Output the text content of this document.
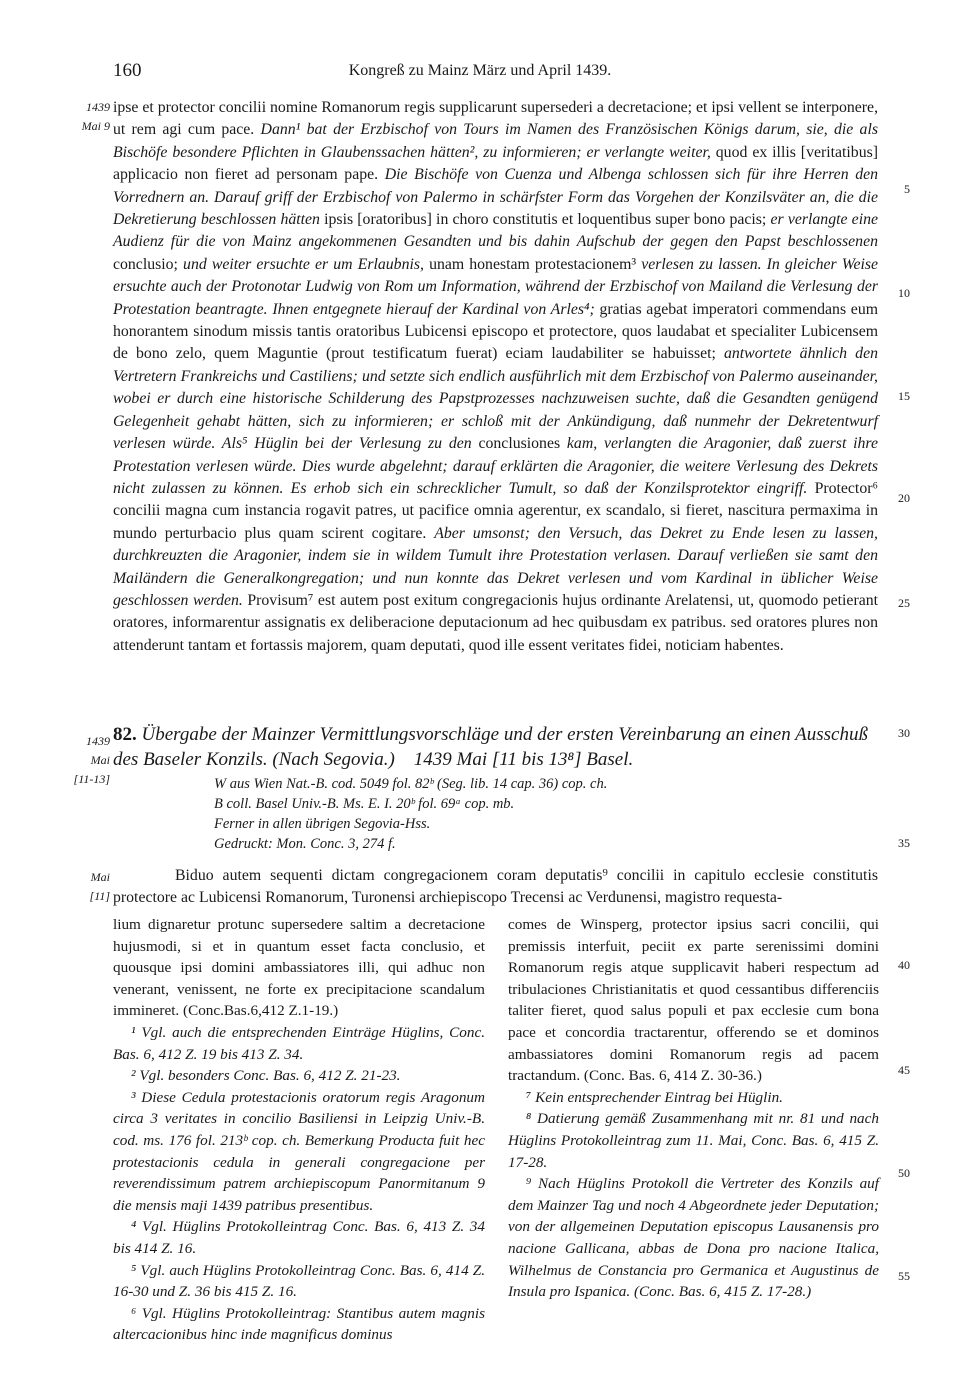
160	Kongreß zu Mainz März und April 1439.
1439
Mai 9
1439
Mai
[11-13]
Mai
[11]
5
10
15
20
25
30
35
40
45
50
55
ipse et protector concilii nomine Romanorum regis supplicarunt supersederi a decretacione; et ipsi vellent se interponere, ut rem agi cum pace. Dann¹ bat der Erzbischof von Tours im Namen des Französischen Königs darum, sie, die als Bischöfe besondere Pflichten in Glaubenssachen hätten², zu informieren; er verlangte weiter, quod ex illis [veritatibus] applicacio non fieret ad personam pape. Die Bischöfe von Cuenza und Albenga schlossen sich für ihre Herren den Vorrednern an. Darauf griff der Erzbischof von Palermo in schärfster Form das Vorgehen der Konzilsväter an, die die Dekretierung beschlossen hätten ipsis [oratoribus] in choro constitutis et loquentibus super bono pacis; er verlangte eine Audienz für die von Mainz angekommenen Gesandten und bis dahin Aufschub der gegen den Papst beschlossenen conclusio; und weiter ersuchte er um Erlaubnis, unam honestam protestacionem³ verlesen zu lassen. In gleicher Weise ersuchte auch der Protonotar Ludwig von Rom um Information, während der Erzbischof von Mailand die Verlesung der Protestation beantragte. Ihnen entgegnete hierauf der Kardinal von Arles⁴; gratias agebat imperatori commendans eum honorantem sinodum missis tantis oratoribus Lubicensi episcopo et protectore, quos laudabat et specialiter Lubicensem de bono zelo, quem Maguntie (prout testificatum fuerat) eciam laudabiliter se habuisset; antwortete ähnlich den Vertretern Frankreichs und Castiliens; und setzte sich endlich ausführlich mit dem Erzbischof von Palermo auseinander, wobei er durch eine historische Schilderung des Papstprozesses nachzuweisen suchte, daß die Gesandten genügend Gelegenheit gehabt hätten, sich zu informieren; er schloß mit der Ankündigung, daß nunmehr der Dekretentwurf verlesen würde. Als⁵ Hüglin bei der Verlesung zu den conclusiones kam, verlangten die Aragonier, daß zuerst ihre Protestation verlesen würde. Dies wurde abgelehnt; darauf erklärten die Aragonier, die weitere Verlesung des Dekrets nicht zulassen zu können. Es erhob sich ein schrecklicher Tumult, so daß der Konzilsprotektor eingriff. Protector⁶ concilii magna cum instancia rogavit patres, ut pacifice omnia agerentur, ex scandalo, si fieret, nascitura permaxima in mundo perturbacio plus quam scirent cogitare. Aber umsonst; den Versuch, das Dekret zu Ende lesen zu lassen, durchkreuzten die Aragonier, indem sie in wildem Tumult ihre Protestation verlasen. Darauf verließen sie samt den Mailändern die Generalkongregation; und nun konnte das Dekret verlesen und vom Kardinal in üblicher Weise geschlossen werden. Provisum⁷ est autem post exitum congregacionis hujus ordinante Arelatensi, ut, quomodo petierant oratores, informarentur assignatis ex deliberacione deputacionum ad hec quibusdam ex patribus. sed oratores plures non attenderunt tantam et fortassis majorem, quam deputati, quod ille essent veritates fidei, noticiam habentes.
82. Übergabe der Mainzer Vermittlungsvorschläge und der ersten Vereinbarung an einen Ausschuß des Baseler Konzils. (Nach Segovia.) 1439 Mai [11 bis 13⁸] Basel.
W aus Wien Nat.-B. cod. 5049 fol. 82ᵇ (Seg. lib. 14 cap. 36) cop. ch.
B coll. Basel Univ.-B. Ms. E. I. 20ᵇ fol. 69ᵃ cop. mb.
Ferner in allen übrigen Segovia-Hss.
Gedruckt: Mon. Conc. 3, 274 f.
Biduo autem sequenti dictam congregacionem coram deputatis⁹ concilii in capitulo ecclesie constitutis protectore ac Lubicensi Romanorum, Turonensi archiepiscopo Trecensi ac Verdunensi, magistro requesta-

lium dignaretur protunc supersedere saltim a decretacione hujusmodi, si et in quantum esset facta conclusio, et quousque ipsi domini ambassiatores illi, qui adhuc non venerant, venissent, ne forte ex precipitacione scandalum immineret. (Conc.Bas.6,412 Z.1-19.)

¹ Vgl. auch die entsprechenden Einträge Hüglins, Conc. Bas. 6, 412 Z. 19 bis 413 Z. 34.

² Vgl. besonders Conc. Bas. 6, 412 Z. 21-23.

³ Diese Cedula protestacionis oratorum regis Aragonum circa 3 veritates in concilio Basiliensi in Leipzig Univ.-B. cod. ms. 176 fol. 213ᵇ cop. ch. Bemerkung Producta fuit hec protestacionis cedula in generali congregacione per reverendissimum patrem archiepiscopum Panormitanum 9 die mensis maji 1439 patribus presentibus.

⁴ Vgl. Hüglins Protokolleintrag Conc. Bas. 6, 413 Z. 34 bis 414 Z. 16.

⁵ Vgl. auch Hüglins Protokolleintrag Conc. Bas. 6, 414 Z. 16-30 und Z. 36 bis 415 Z. 16.

⁶ Vgl. Hüglins Protokolleintrag: Stantibus autem magnis altercacionibus hinc inde magnificus dominus

comes de Winsperg, protector ipsius sacri concilii, qui premissis interfuit, peciit ex parte serenissimi domini Romanorum regis atque supplicavit haberi respectum ad tribulaciones Christianitatis et quod cessantibus differenciis taliter fieret, quod salus populi et pax ecclesie cum bona pace et concordia tractarentur, offerendo se et dominos ambassiatores domini Romanorum regis ad pacem tractandum. (Conc. Bas. 6, 414 Z. 30-36.)

⁷ Kein entsprechender Eintrag bei Hüglin.

⁸ Datierung gemäß Zusammenhang mit nr. 81 und nach Hüglins Protokolleintrag zum 11. Mai, Conc. Bas. 6, 415 Z. 17-28.

⁹ Nach Hüglins Protokoll die Vertreter des Konzils auf dem Mainzer Tag und noch 4 Abgeordnete jeder Deputation; von der allgemeinen Deputation episcopus Lausanensis pro nacione Gallicana, abbas de Dona pro nacione Italica, Wilhelmus de Constancia pro Germanica et Augustinus de Insula pro Ispanica. (Conc. Bas. 6, 415 Z. 17-28.)
